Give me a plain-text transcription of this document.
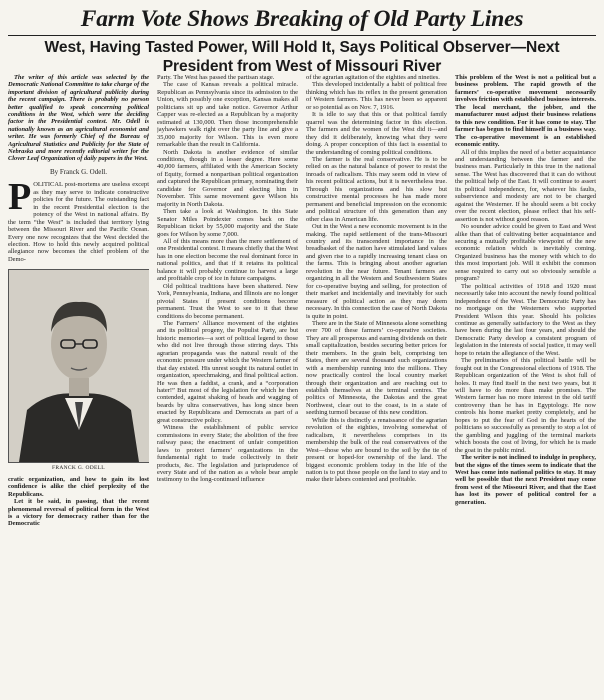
Farm Vote Shows Breaking of Old Party Lines
West, Having Tasted Power, Will Hold It, Says Political Observer—Next President from West of Missouri River
The writer of this article was selected by the Democratic National Committee to take charge of the important division of agricultural publicity during the recent campaign. There is probably no person better qualified to speak concerning political conditions in the West, which were the deciding factor in the Presidential contest. Mr. Odell is nationally known as an agricultural economist and writer. He was formerly Chief of the Bureau of Agricultural Statistics and Publicity for the State of Nebraska and more recently editorial writer for the Clover Leaf Organization of daily papers in the West.
By Franck G. Odell.

POLITICAL post-mortems are useless except as they may serve to indicate constructive policies for the future. The outstanding fact in the recent Presidential election is the potency of the West in national affairs. By the term “the West” is included that territory lying between the Missouri River and the Pacific Ocean. Every one now recognizes that the West decided the election. How to hold this newly acquired political allegiance now becomes the chief problem of the Demo-

FRANCK G. ODELL

cratic organization, and how to gain its lost confidence is alike the chief perplexity of the Republicans.

Let it be said, in passing, that the recent phenomenal reversal of political form in the West is a victory for democracy rather than for the Democratic

Party. The West has passed the partisan stage.

The case of Kansas reveals a political miracle. Republican as Pennsylvania since its admission to the Union, with possibly one exception, Kansas makes all politicians sit up and take notice. Governor Arthur Capper was re-elected as a Republican by a majority estimated at 130,000. Then those incomprehensible jayhawkers walk right over the party line and give a 35,000 majority for Wilson. This is even more remarkable than the result in California.

North Dakota is another evidence of similar conditions, though in a lesser degree. Here some 40,000 farmers, affiliated with the American Society of Equity, formed a nonpartisan political organization and captured the Republican primary, nominating their candidate for Governor and electing him in November. This same movement gave Wilson his majority in North Dakota.

Then take a look at Washington. In this State Senator Miles Poindexter comes back on the Republican ticket by 55,000 majority and the State goes for Wilson by some 7,000.

All of this means more than the mere settlement of one Presidential contest. It means chiefly that the West has in one election become the real dominant force in national politics, and that if it retains its political balance it will probably continue to harvest a large and profitable crop of ice in future campaigns.

Old political traditions have been shattered. New York, Pennsylvania, Indiana, and Illinois are no longer pivotal States if present conditions become permanent. Trust the West to see to it that these conditions do become permanent.

The Farmers’ Alliance movement of the eighties and its political progeny, the Populist Party, are but historic memories—a sort of political legend to those who did not live through those stirring days. This agrarian propaganda was the natural result of the economic pressure under which the Western farmer of that day existed. His unrest sought its natural outlet in organization, speechmaking, and final political action. He was then a faddist, a crank, and a “corporation hater!” But most of the legislation for which he then contended, against shaking of heads and wagging of beards by ultra conservatives, has long since been enacted by Republicans and Democrats as part of a great constructive policy.

Witness the establishment of public service commissions in every State; the abolition of the free railway pass; the enactment of unfair competition laws to protect farmers’ organizations in the fundamental right to trade collectively in their products, &c. The legislation and jurisprudence of every State and of the nation as a whole bear ample testimony to the long-continued influence

of the agrarian agitation of the eighties and nineties.

This developed incidentally a habit of political free thinking which has its reflex in the present generation of Western farmers. This has never been so apparent or so potential as on Nov. 7, 1916.

It is idle to say that this or that political family quarrel was the determining factor in this election. The farmers and the women of the West did it—and they did it deliberately, knowing what they were doing. A proper conception of this fact is essential to the understanding of coming political conditions.

The farmer is the real conservative. He is to be relied on as the natural balance of power to resist the inroads of radicalism. This may seem odd in view of his recent political actions, but it is nevertheless true. Through his organizations and his slow but constructive mental processes he has made more permanent and beneficial impression on the economic and political structure of this generation than any other class in American life.

Out in the West a new economic movement is in the making. The rapid settlement of the trans-Missouri country and its transcendent importance in the breadbasket of the nation have stimulated land values and given rise to a rapidly increasing tenant class on the farms. This is bringing about another agrarian revolution in the near future. Tenant farmers are organizing in all the Western and Southwestern States for co-operative buying and selling, for protection of their market and incidentally and inevitably for such measure of political action as they may deem necessary. In this connection the case of North Dakota is quite in point.

There are in the State of Minnesota alone something over 700 of these farmers’ co-operative societies. They are all prosperous and earning dividends on their small capitalization, besides securing better prices for their members. In the grain belt, comprising ten States, there are several thousand such organizations with a membership running into the millions. They now practically control the local country market through their organization and are reaching out to establish themselves at the terminal centres. The politics of Minnesota, the Dakotas and the great Northwest, clear out to the coast, is in a state of seething turmoil because of this new condition.

While this is distinctly a renaissance of the agrarian revolution of the eighties, involving somewhat of radicalism, it nevertheless comprises in its membership the bulk of the real conservatives of the West—those who are bound to the soil by the tie of present or hoped-for ownership of the land. The biggest economic problem today in the life of the nation is to put those people on the land to stay and to make their labors contented and profitable.

This problem of the West is not a political but a business problem. The rapid growth of the farmers’ co-operative movement necessarily involves friction with established business interests. The local merchant, the jobber, and the manufacturer must adjust their business relations to this new condition. For it has come to stay. The farmer has begun to find himself in a business way. The co-operative movement is an established economic entity.

All of this implies the need of a better acquaintance and understanding between the farmer and the business man. Particularly in this true in the national sense. The West has discovered that it can do without the political help of the East. It will continue to assert its political independence, for, whatever his faults, subservience and modesty are not to be charged against the Westerner. If he should seem a bit cocky over the recent election, please reflect that his self-assertion is not without good reason.

No sounder advice could be given to East and West alike than that of cultivating better acquaintance and securing a mutually profitable viewpoint of the new economic relation which is inevitably coming. Organized business has the money with which to do this most important job. Will it exhibit the common sense required to carry out so obviously sensible a program?

The political activities of 1918 and 1920 must necessarily take into account the newly found political independence of the West. The Democratic Party has no mortgage on the Westerners who supported President Wilson this year. Should his policies continue as generally satisfactory to the West as they have been during the last four years, and should the Democratic Party develop a consistent program of legislation in the interests of social justice, it may well hope to retain the allegiance of the West.

The preliminaries of this political battle will be fought out in the Congressional elections of 1918. The Republican organization of the West is shot full of holes. It may find itself in the next two years, but it will have to do more than make promises. The Western farmer has no more interest in the old tariff controversy than he has in Egyptology. He now controls his home market pretty completely, and he hopes to put the fear of God in the hearts of the politicians so successfully as presently to stop a lot of the gambling and juggling of the terminal markets which boosts the cost of living, for which he is made the goat in the public mind.

The writer is not inclined to indulge in prophecy, but the signs of the times seem to indicate that the West has come into national politics to stay. It may well be possible that the next President may come from west of the Missouri River, and that the East has lost its power of political control for a generation.
